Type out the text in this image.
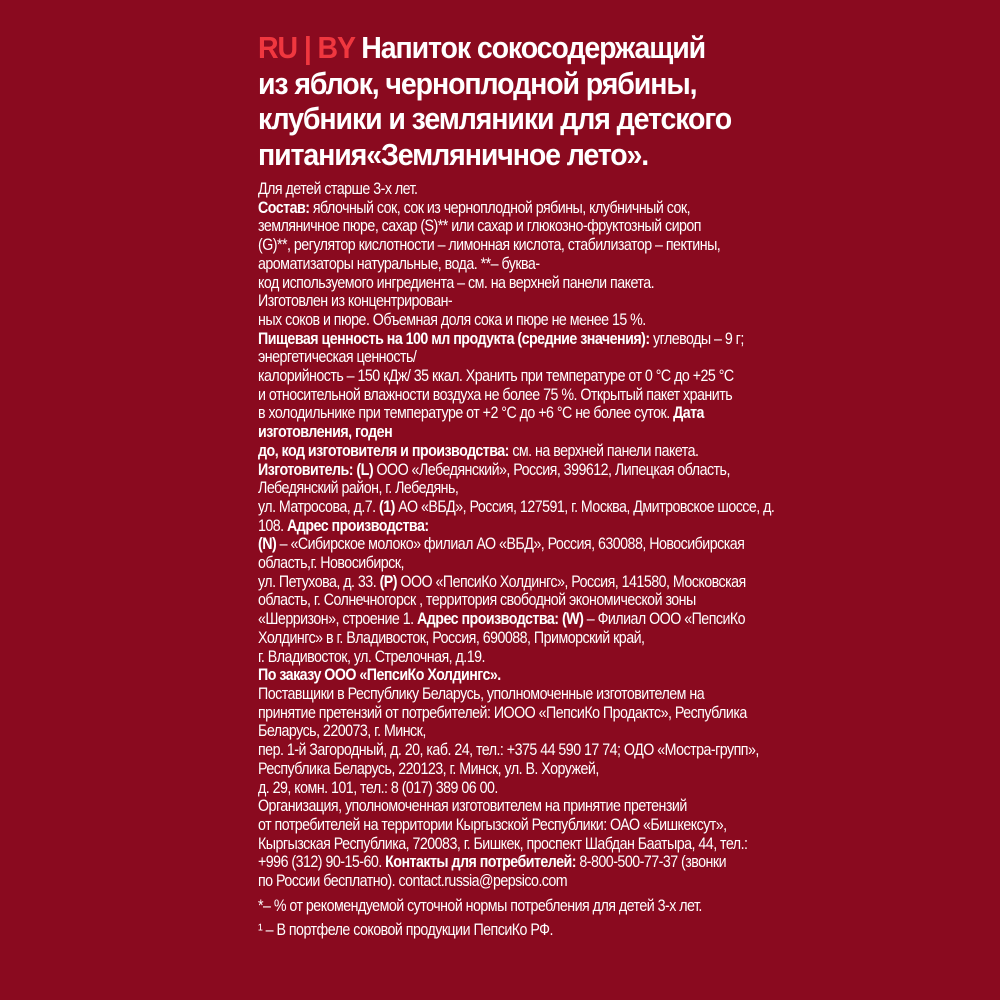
RU | BY Напиток сокосодержащий
из яблок, черноплодной рябины,
клубники и земляники для детского
питания«Земляничное лето».
Для детей старше 3-х лет.
Состав: яблочный сок, сок из черноплодной рябины, клубничный сок,
земляничное пюре, сахар (S)** или сахар и глюкозно-фруктозный сироп
(G)**, регулятор кислотности – лимонная кислота, стабилизатор – пектины,
ароматизаторы натуральные, вода. **– буква-
код используемого ингредиента – см. на верхней панели пакета.
Изготовлен из концентрирован-
ных соков и пюре. Объемная доля сока и пюре не менее 15 %.
Пищевая ценность на 100 мл продукта (средние значения): углеводы – 9 г;
энергетическая ценность/
калорийность – 150 кДж/ 35 ккал. Хранить при температуре от 0 °С до +25 °С
и относительной влажности воздуха не более 75 %. Открытый пакет хранить
в холодильнике при температуре от +2 °С до +6 °С не более суток. Дата
изготовления, годен
до, код изготовителя и производства: см. на верхней панели пакета.
Изготовитель: (L) ООО «Лебедянский», Россия, 399612, Липецкая область,
Лебедянский район, г. Лебедянь,
ул. Матросова, д.7. (1) АО «ВБД», Россия, 127591, г. Москва, Дмитровское шоссе, д.
108. Адрес производства:
(N) – «Сибирское молоко» филиал АО «ВБД», Россия, 630088, Новосибирская
область,г. Новосибирск,
ул. Петухова, д. 33. (P) ООО «ПепсиКо Холдингс», Россия, 141580, Московская
область, г. Солнечногорск , территория свободной экономической зоны
«Шерризон», строение 1. Адрес производства: (W) – Филиал ООО «ПепсиКо
Холдингс» в г. Владивосток, Россия, 690088, Приморский край,
г. Владивосток, ул. Стрелочная, д.19.
По заказу ООО «ПепсиКо Холдингс».
Поставщики в Республику Беларусь, уполномоченные изготовителем на
принятие претензий от потребителей: ИООО «ПепсиКо Продактс», Республика
Беларусь, 220073, г. Минск,
пер. 1-й Загородный, д. 20, каб. 24, тел.: +375 44 590 17 74; ОДО «Мостра-групп»,
Республика Беларусь, 220123, г. Минск, ул. В. Хоружей,
д. 29, комн. 101, тел.: 8 (017) 389 06 00.
Организация, уполномоченная изготовителем на принятие претензий
от потребителей на территории Кыргызской Республики: ОАО «Бишкексут»,
Кыргызская Республика, 720083, г. Бишкек, проспект Шабдан Баатыра, 44, тел.:
+996 (312) 90-15-60. Контакты для потребителей: 8-800-500-77-37 (звонки
по России бесплатно). contact.russia@pepsico.com
*– % от рекомендуемой суточной нормы потребления для детей 3-х лет.
¹ – В портфеле соковой продукции ПепсиКо РФ.
